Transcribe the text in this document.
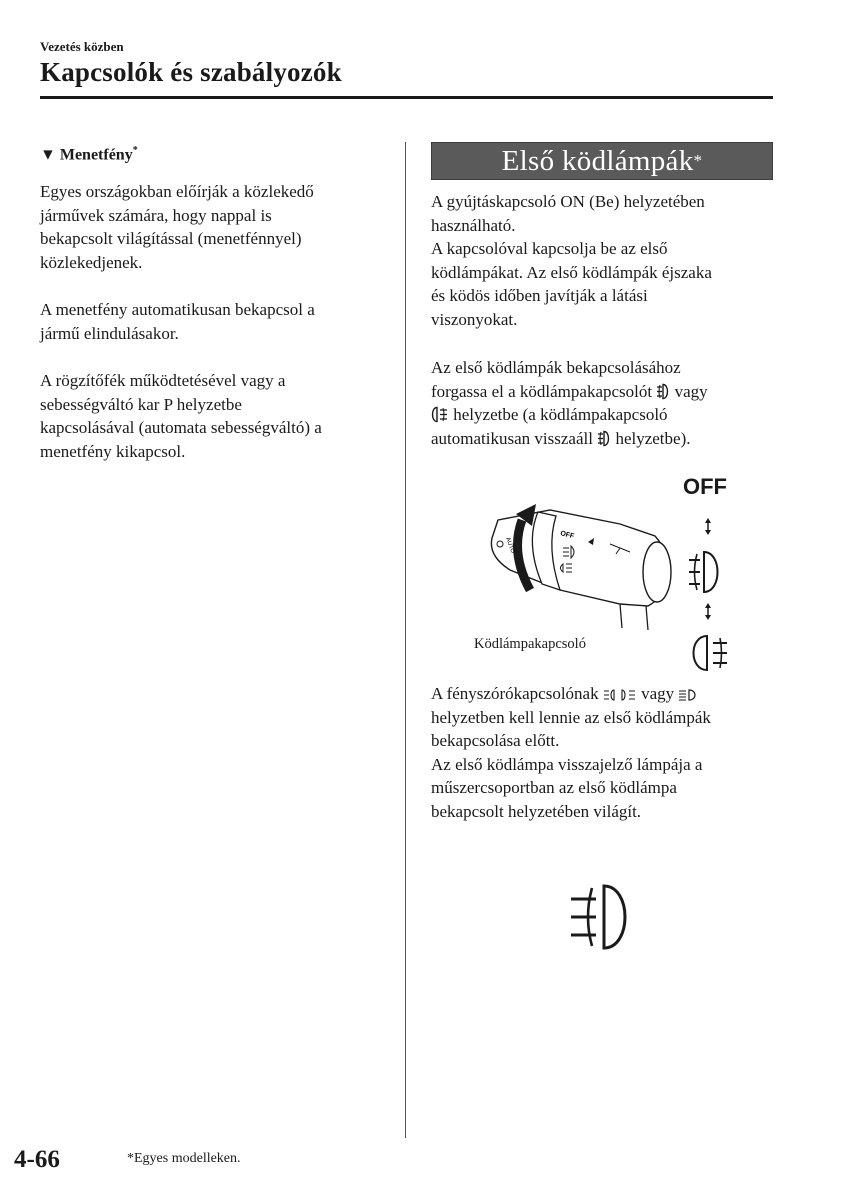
Vezetés közben
Kapcsolók és szabályozók
▼ Menetfény*
Egyes országokban előírják a közlekedő
járművek számára, hogy nappal is
bekapcsolt világítással (menetfénnyel)
közlekedjenek.
A menetfény automatikusan bekapcsol a
jármű elindulásakor.
A rögzítőfék működtetésével vagy a
sebességváltó kar P helyzetbe
kapcsolásával (automata sebességváltó) a
menetfény kikapcsol.
Első ködlámpák *
A gyújtáskapcsoló ON (Be) helyzetében
használható.
A kapcsolóval kapcsolja be az első
ködlámpákat. Az első ködlámpák éjszaka
és ködös időben javítják a látási
viszonyokat.
Az első ködlámpák bekapcsolásához
forgassa el a ködlámpakapcsolót  vagy
helyzetbe (a ködlámpakapcsoló
automatikusan visszaáll  helyzetbe).
OFF
OFF
AUTO
Ködlámpakapcsoló
A fényszórókapcsolónak  vagy
helyzetben kell lennie az első ködlámpák
bekapcsolása előtt.
Az első ködlámpa visszajelző lámpája a
műszercsoportban az első ködlámpa
bekapcsolt helyzetében világít.
4-66	*Egyes modelleken.
